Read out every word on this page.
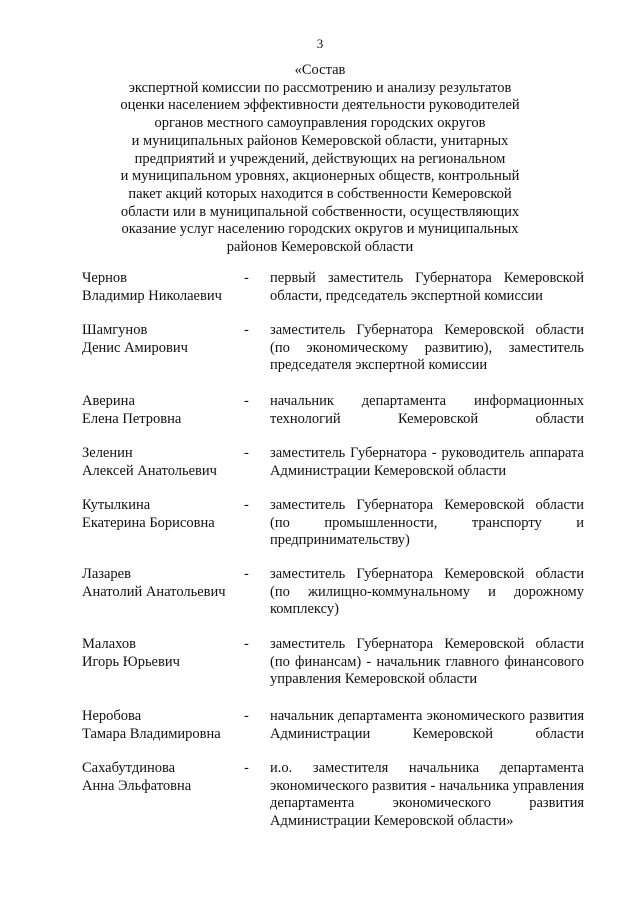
3
«Состав
экспертной комиссии по рассмотрению и анализу результатов
оценки населением эффективности деятельности руководителей
органов местного самоуправления городских округов
и муниципальных районов Кемеровской области, унитарных
предприятий и учреждений, действующих на региональном
и муниципальном уровнях, акционерных обществ, контрольный
пакет акций которых находится в собственности Кемеровской
области или в муниципальной собственности, осуществляющих
оказание услуг населению городских округов и муниципальных
районов Кемеровской области
Чернов
Владимир Николаевич
-	первый заместитель Губернатора Кемеровской области, председатель экспертной комиссии
Шамгунов
Денис Амирович
-	заместитель Губернатора Кемеровской области (по экономическому развитию), заместитель председателя экспертной комиссии
Аверина
Елена Петровна
-	начальник департамента информационных технологий Кемеровской области
Зеленин
Алексей Анатольевич
-	заместитель Губернатора - руководитель аппарата Администрации Кемеровской области
Кутылкина
Екатерина Борисовна
-	заместитель Губернатора Кемеровской области (по промышленности, транспорту и предпринимательству)
Лазарев
Анатолий Анатольевич
-	заместитель Губернатора Кемеровской области (по жилищно-коммунальному и дорожному комплексу)
Малахов
Игорь Юрьевич
-	заместитель Губернатора Кемеровской области (по финансам) - начальник главного финансового управления Кемеровской области
Неробова
Тамара Владимировна
-	начальник департамента экономического развития Администрации Кемеровской области
Сахабутдинова
Анна Эльфатовна
-	и.о. заместителя начальника департамента экономического развития - начальника управления департамента экономического развития Администрации Кемеровской области»
